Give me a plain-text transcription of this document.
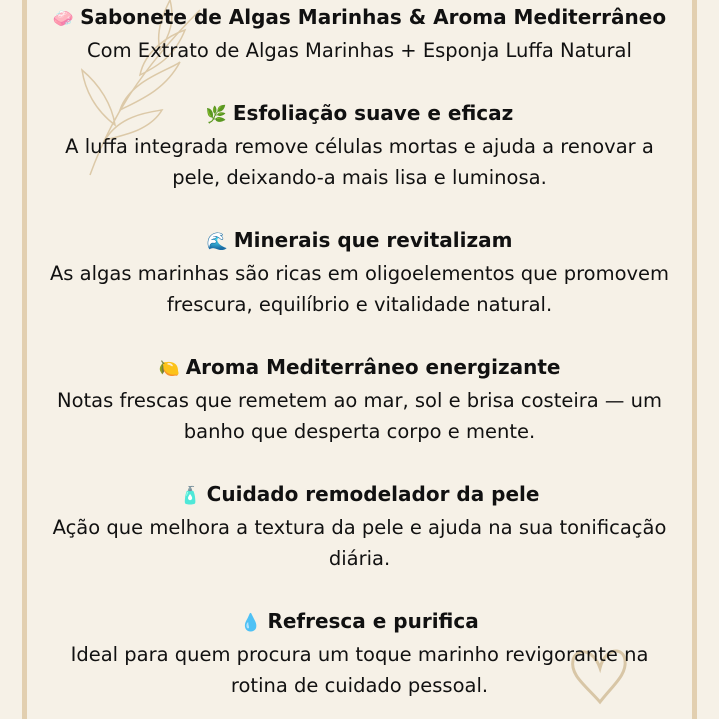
🧼 Sabonete de Algas Marinhas & Aroma Mediterrâneo
Com Extrato de Algas Marinhas + Esponja Luffa Natural
🌿 Esfoliação suave e eficaz
A luffa integrada remove células mortas e ajuda a renovar a
pele, deixando-a mais lisa e luminosa.
🌊 Minerais que revitalizam
As algas marinhas são ricas em oligoelementos que promovem
frescura, equilíbrio e vitalidade natural.
🍋 Aroma Mediterrâneo energizante
Notas frescas que remetem ao mar, sol e brisa costeira — um
banho que desperta corpo e mente.
🧴 Cuidado remodelador da pele
Ação que melhora a textura da pele e ajuda na sua tonificação
diária.
💧 Refresca e purifica
Ideal para quem procura um toque marinho revigorante na
rotina de cuidado pessoal.
